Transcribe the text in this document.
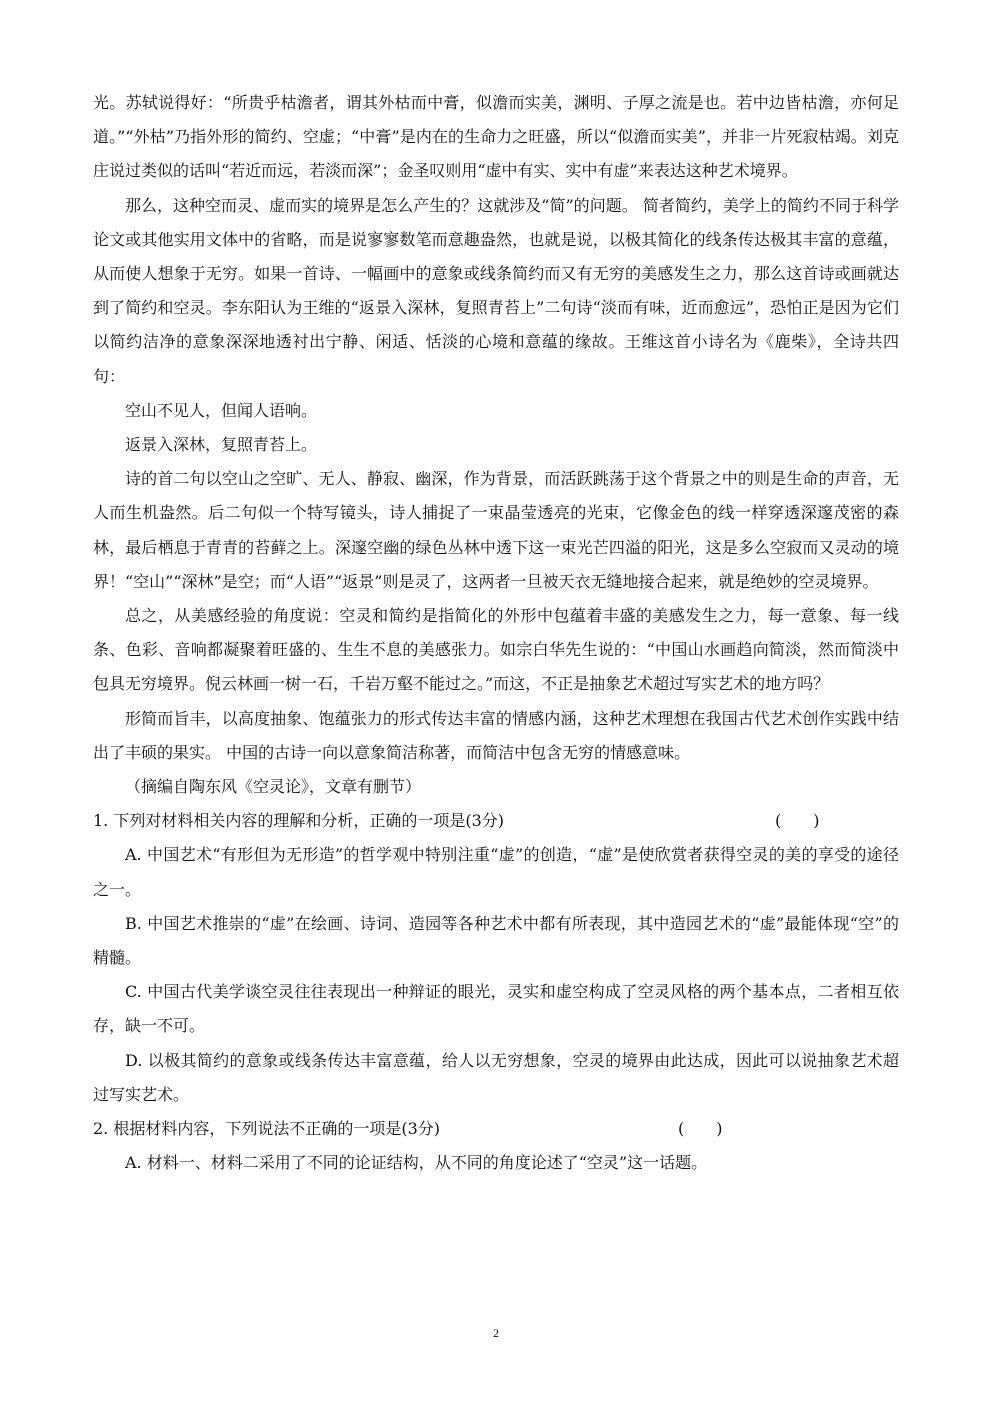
光。苏轼说得好：“所贵乎枯澹者，谓其外枯而中膏，似澹而实美，渊明、子厚之流是也。若中边皆枯澹，亦何足道。”“外枯”乃指外形的简约、空虚；“中膏”是内在的生命力之旺盛，所以“似澹而实美”，并非一片死寂枯竭。刘克庄说过类似的话叫“若近而远，若淡而深”；金圣叹则用“虚中有实、实中有虚”来表达这种艺术境界。

那么，这种空而灵、虚而实的境界是怎么产生的？这就涉及“简”的问题。 简者简约，美学上的简约不同于科学论文或其他实用文体中的省略，而是说寥寥数笔而意趣盎然，也就是说，以极其简化的线条传达极其丰富的意蕴，从而使人想象于无穷。如果一首诗、一幅画中的意象或线条简约而又有无穷的美感发生之力，那么这首诗或画就达到了简约和空灵。李东阳认为王维的“返景入深林，复照青苔上”二句诗“淡而有味，近而愈远”，恐怕正是因为它们以简约洁净的意象深深地透衬出宁静、闲适、恬淡的心境和意蕴的缘故。王维这首小诗名为《鹿柴》，全诗共四句：

空山不见人，但闻人语响。

返景入深林，复照青苔上。

诗的首二句以空山之空旷、无人、静寂、幽深，作为背景，而活跃跳荡于这个背景之中的则是生命的声音，无人而生机盎然。后二句似一个特写镜头，诗人捕捉了一束晶莹透亮的光束，它像金色的线一样穿透深邃茂密的森林，最后栖息于青青的苔藓之上。深邃空幽的绿色丛林中透下这一束光芒四溢的阳光，这是多么空寂而又灵动的境界！“空山”“深林”是空；而“人语”“返景”则是灵了，这两者一旦被天衣无缝地接合起来，就是绝妙的空灵境界。

总之，从美感经验的角度说：空灵和简约是指简化的外形中包蕴着丰盛的美感发生之力，每一意象、每一线条、色彩、音响都凝聚着旺盛的、生生不息的美感张力。如宗白华先生说的：“中国山水画趋向简淡，然而简淡中包具无穷境界。倪云林画一树一石，千岩万壑不能过之。”而这，不正是抽象艺术超过写实艺术的地方吗？

形简而旨丰，以高度抽象、饱蕴张力的形式传达丰富的情感内涵，这种艺术理想在我国古代艺术创作实践中结出了丰硕的果实。 中国的古诗一向以意象简洁称著，而简洁中包含无穷的情感意味。

（摘编自陶东风《空灵论》，文章有删节）

1. 下列对材料相关内容的理解和分析，正确的一项是(3分)	(　　)

A. 中国艺术“有形但为无形造”的哲学观中特别注重“虚”的创造，“虚”是使欣赏者获得空灵的美的享受的途径之一。

B. 中国艺术推崇的“虚”在绘画、诗词、造园等各种艺术中都有所表现，其中造园艺术的“虚”最能体现“空”的精髓。

C. 中国古代美学谈空灵往往表现出一种辩证的眼光，灵实和虚空构成了空灵风格的两个基本点，二者相互依存，缺一不可。

D. 以极其简约的意象或线条传达丰富意蕴，给人以无穷想象，空灵的境界由此达成，因此可以说抽象艺术超过写实艺术。

2. 根据材料内容，下列说法不正确的一项是(3分)	(　　)

A. 材料一、材料二采用了不同的论证结构，从不同的角度论述了“空灵”这一话题。

2
